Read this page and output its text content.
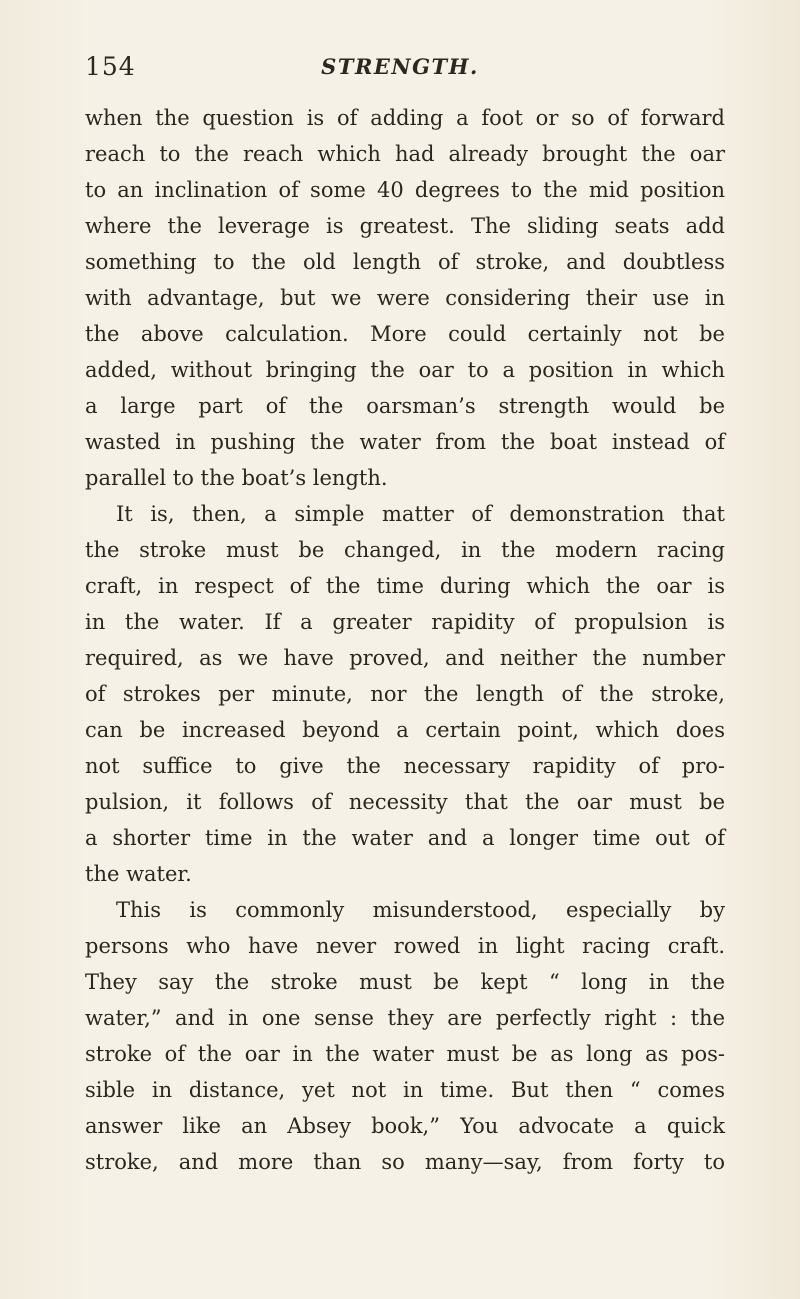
154	STRENGTH.
when the question is of adding a foot or so of forward
reach to the reach which had already brought the oar
to an inclination of some 40 degrees to the mid position
where the leverage is greatest. The sliding seats add
something to the old length of stroke, and doubtless
with advantage, but we were considering their use in
the above calculation. More could certainly not be
added, without bringing the oar to a position in which
a large part of the oarsman’s strength would be
wasted in pushing the water from the boat instead of
parallel to the boat’s length.
It is, then, a simple matter of demonstration that
the stroke must be changed, in the modern racing
craft, in respect of the time during which the oar is
in the water. If a greater rapidity of propulsion is
required, as we have proved, and neither the number
of strokes per minute, nor the length of the stroke,
can be increased beyond a certain point, which does
not suffice to give the necessary rapidity of pro-
pulsion, it follows of necessity that the oar must be
a shorter time in the water and a longer time out of
the water.
This is commonly misunderstood, especially by
persons who have never rowed in light racing craft.
They say the stroke must be kept “ long in the
water,” and in one sense they are perfectly right : the
stroke of the oar in the water must be as long as pos-
sible in distance, yet not in time. But then “ comes
answer like an Absey book,” You advocate a quick
stroke, and more than so many—say, from forty to
